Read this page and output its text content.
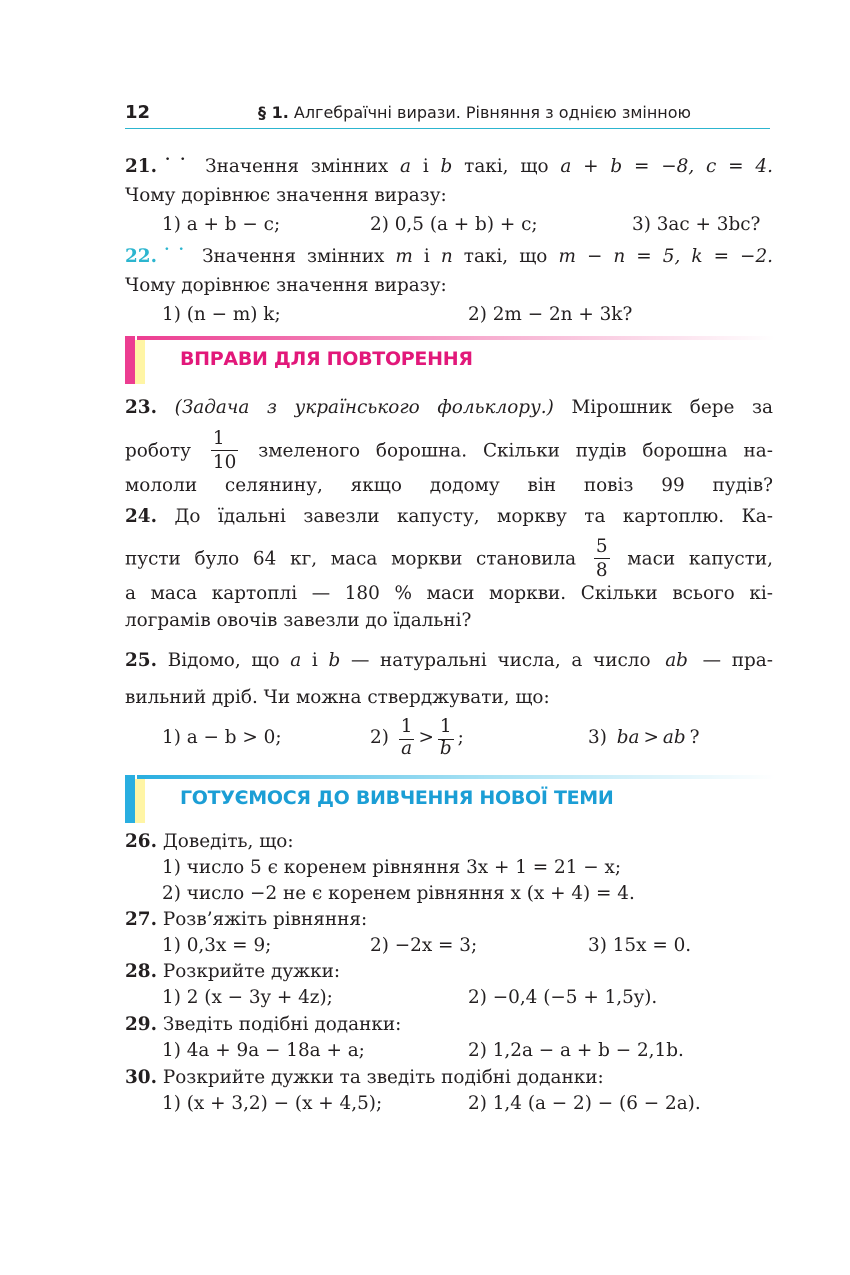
12	§ 1. Алгебраїчні вирази. Рівняння з однією змінною
21.˙˙ Значення змінних a і b такі, що a + b = −8, c = 4.
Чому дорівнює значення виразу:
1) a + b − c;	2) 0,5 (a + b) + c;	3) 3ac + 3bc?
22.˙˙ Значення змінних m і n такі, що m − n = 5, k = −2.
Чому дорівнює значення виразу:
1) (n − m) k;	2) 2m − 2n + 3k?
ВПРАВИ ДЛЯ ПОВТОРЕННЯ
23. (Задача з українського фольклору.) Мірошник бере за
роботу $\frac{1}{10}$ змеленого борошна. Скільки пудів борошна на-
мололи селянину, якщо додому він повіз 99 пудів?
24. До їдальні завезли капусту, моркву та картоплю. Ка-
пусти було 64 кг, маса моркви становила $\frac{5}{8}$ маси капусти,
а маса картоплі — 180 % маси моркви. Скільки всього кі-
лограмів овочів завезли до їдальні?
25. Відомо, що a і b — натуральні числа, а число ab — пра-
вильний дріб. Чи можна стверджувати, що:
1) a − b > 0;	$2) \frac{1}{a} > \frac{1}{b}$ ;	3) ba > ab ?
ГОТУЄМОСЯ ДО ВИВЧЕННЯ НОВОЇ ТЕМИ
26. Доведіть, що:
1) число 5 є коренем рівняння 3x + 1 = 21 − x;
2) число −2 не є коренем рівняння x (x + 4) = 4.
27. Розв’яжіть рівняння:
1) 0,3x = 9;	2) −2x = 3;	3) 15x = 0.
28. Розкрийте дужки:
1) 2 (x − 3y + 4z);	2) −0,4 (−5 + 1,5y).
29. Зведіть подібні доданки:
1) 4a + 9a − 18a + a;	2) 1,2a − a + b − 2,1b.
30. Розкрийте дужки та зведіть подібні доданки:
1) (x + 3,2) − (x + 4,5);	2) 1,4 (a − 2) − (6 − 2a).
